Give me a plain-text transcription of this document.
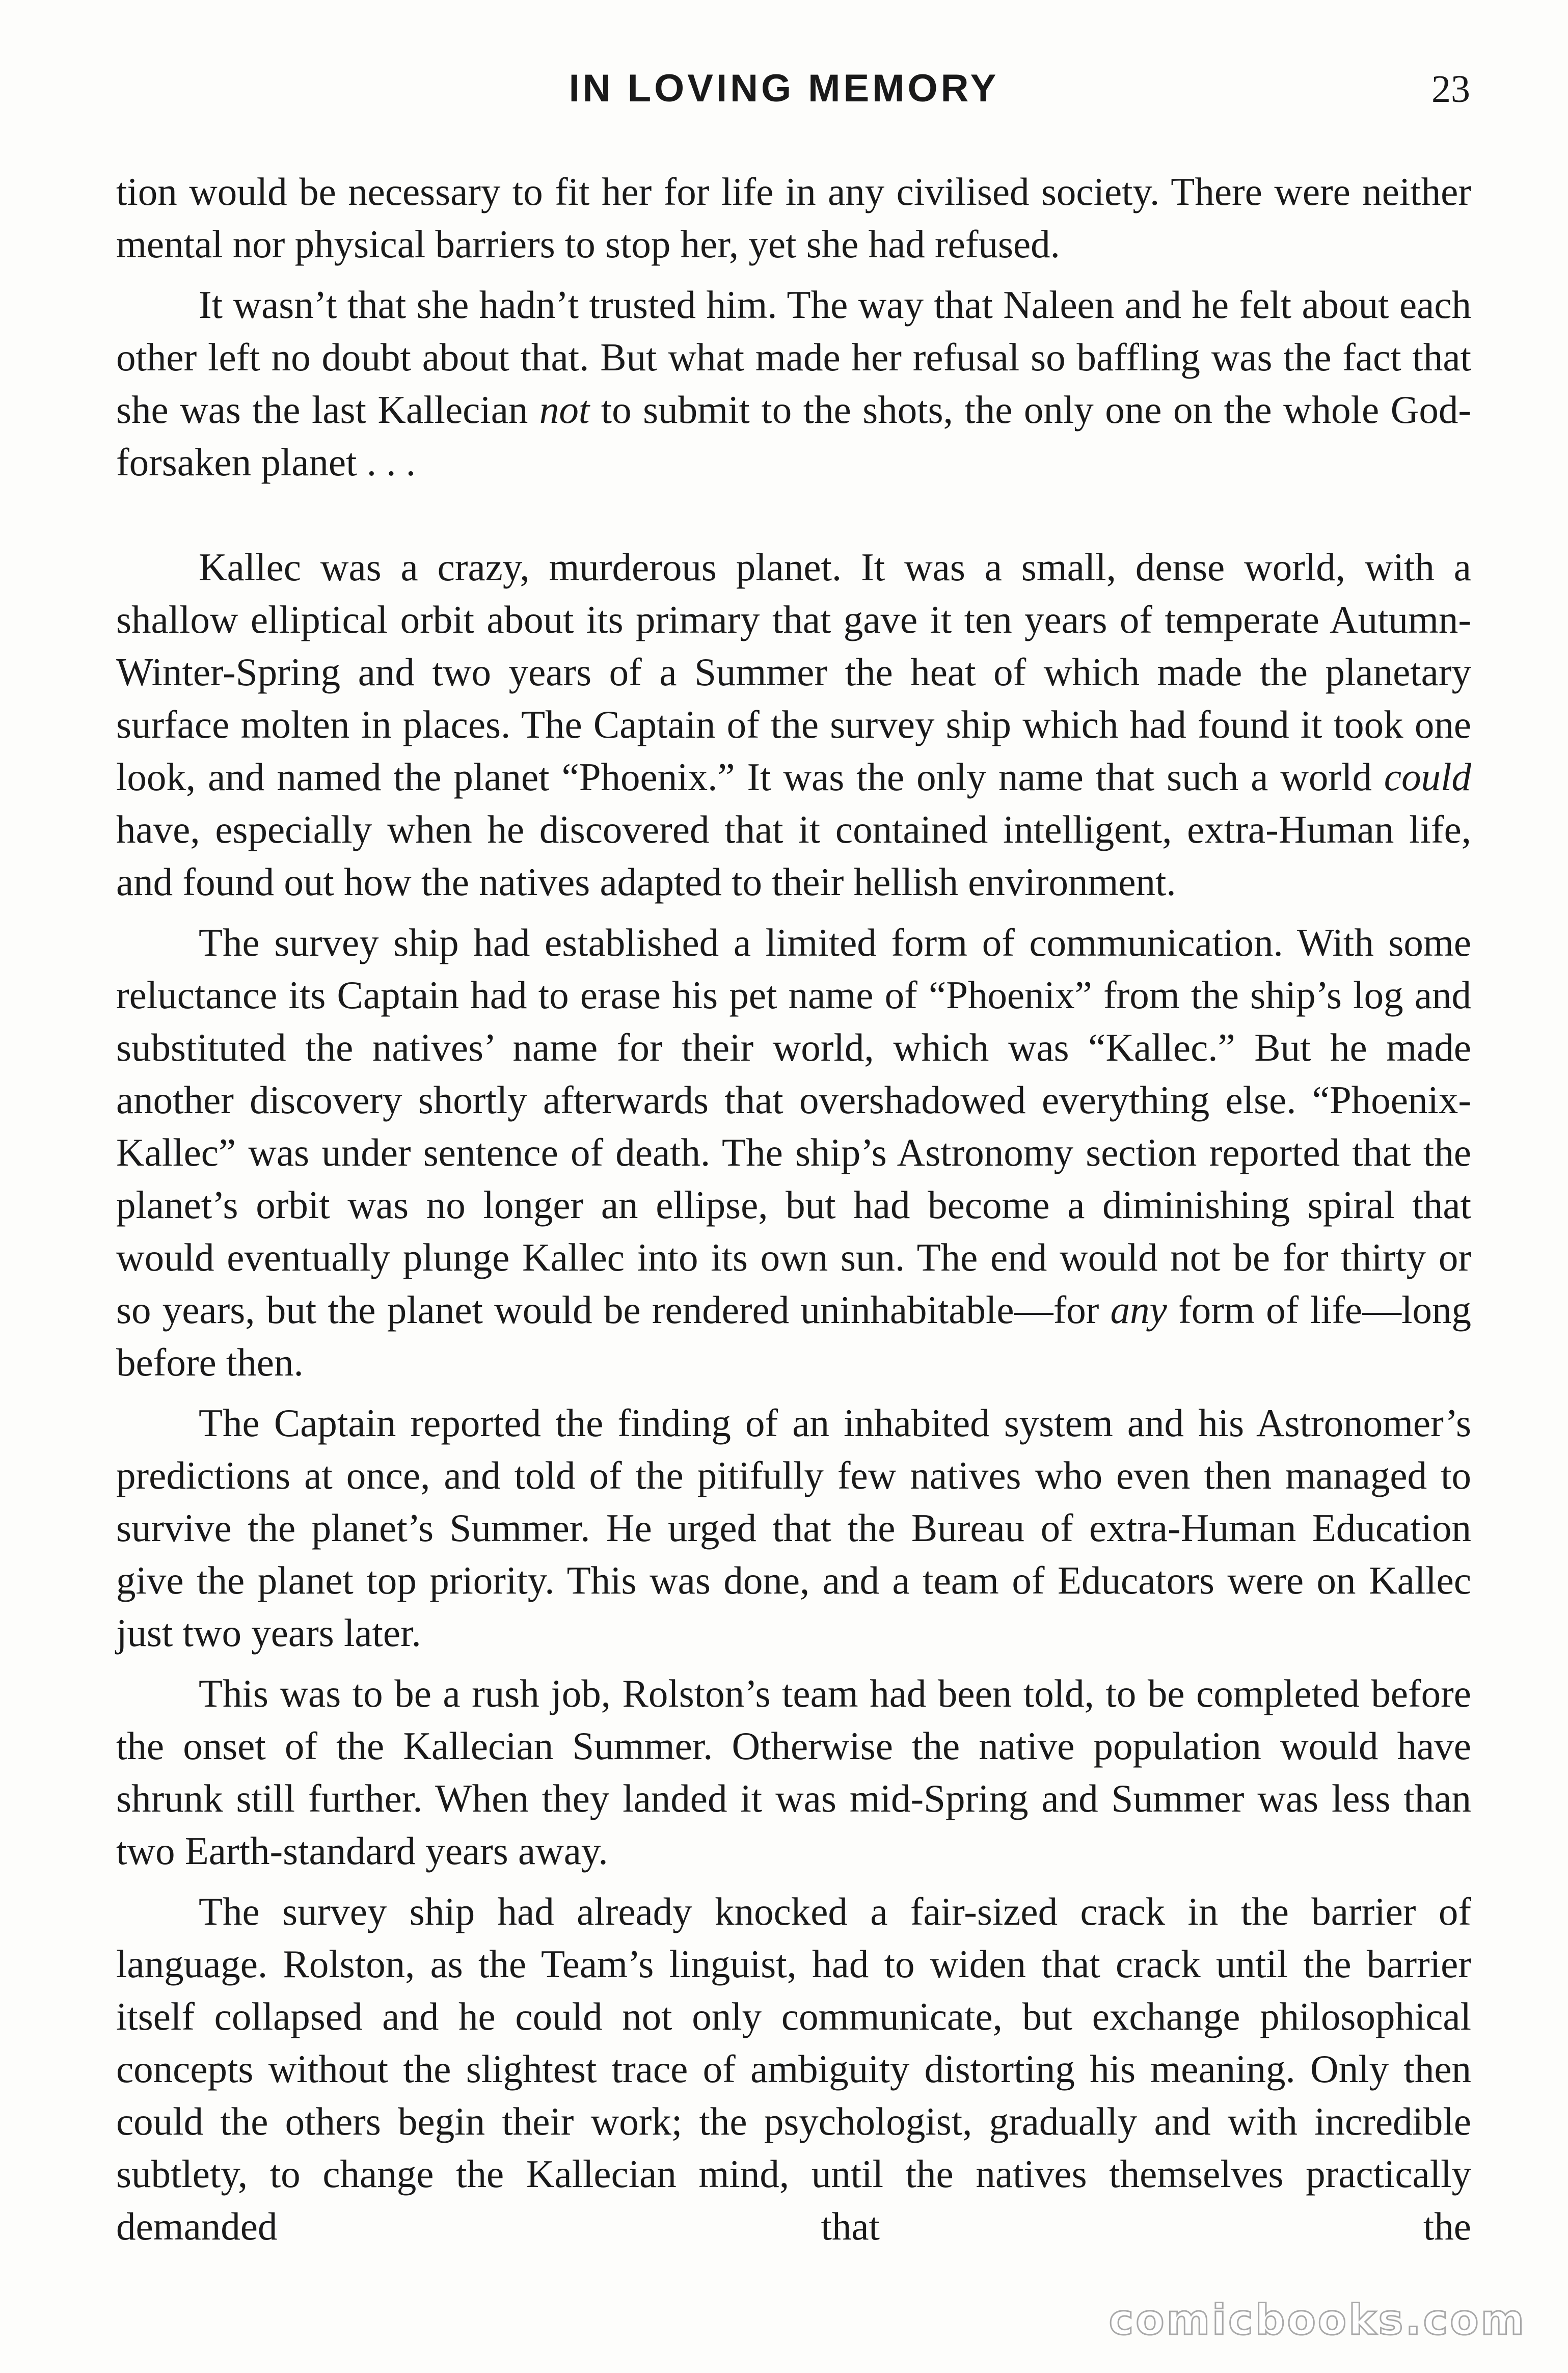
IN LOVING MEMORY	23

tion would be necessary to fit her for life in any civilised society. There were neither mental nor physical barriers to stop her, yet she had refused.

It wasn’t that she hadn’t trusted him. The way that Naleen and he felt about each other left no doubt about that. But what made her refusal so baffling was the fact that she was the last Kallecian not to submit to the shots, the only one on the whole God-forsaken planet . . .

Kallec was a crazy, murderous planet. It was a small, dense world, with a shallow elliptical orbit about its primary that gave it ten years of temperate Autumn-Winter-Spring and two years of a Summer the heat of which made the planetary surface molten in places. The Captain of the survey ship which had found it took one look, and named the planet “Phoenix.” It was the only name that such a world could have, especially when he discovered that it contained intelligent, extra-Human life, and found out how the natives adapted to their hellish environment.

The survey ship had established a limited form of communication. With some reluctance its Captain had to erase his pet name of “Phoenix” from the ship’s log and substituted the natives’ name for their world, which was “Kallec.” But he made another discovery shortly afterwards that overshadowed everything else. “Phoenix-Kallec” was under sentence of death. The ship’s Astronomy section reported that the planet’s orbit was no longer an ellipse, but had become a diminishing spiral that would eventually plunge Kallec into its own sun. The end would not be for thirty or so years, but the planet would be rendered uninhabitable—for any form of life—long before then.

The Captain reported the finding of an inhabited system and his Astronomer’s predictions at once, and told of the pitifully few natives who even then managed to survive the planet’s Summer. He urged that the Bureau of extra-Human Education give the planet top priority. This was done, and a team of Educators were on Kallec just two years later.

This was to be a rush job, Rolston’s team had been told, to be completed before the onset of the Kallecian Summer. Otherwise the native population would have shrunk still further. When they landed it was mid-Spring and Summer was less than two Earth-standard years away.

The survey ship had already knocked a fair-sized crack in the barrier of language. Rolston, as the Team’s linguist, had to widen that crack until the barrier itself collapsed and he could not only communicate, but exchange philosophical concepts without the slightest trace of ambiguity distorting his meaning. Only then could the others begin their work; the psychologist, gradually and with incredible subtlety, to change the Kallecian mind, until the natives themselves practically demanded that the

comicbooks.com
